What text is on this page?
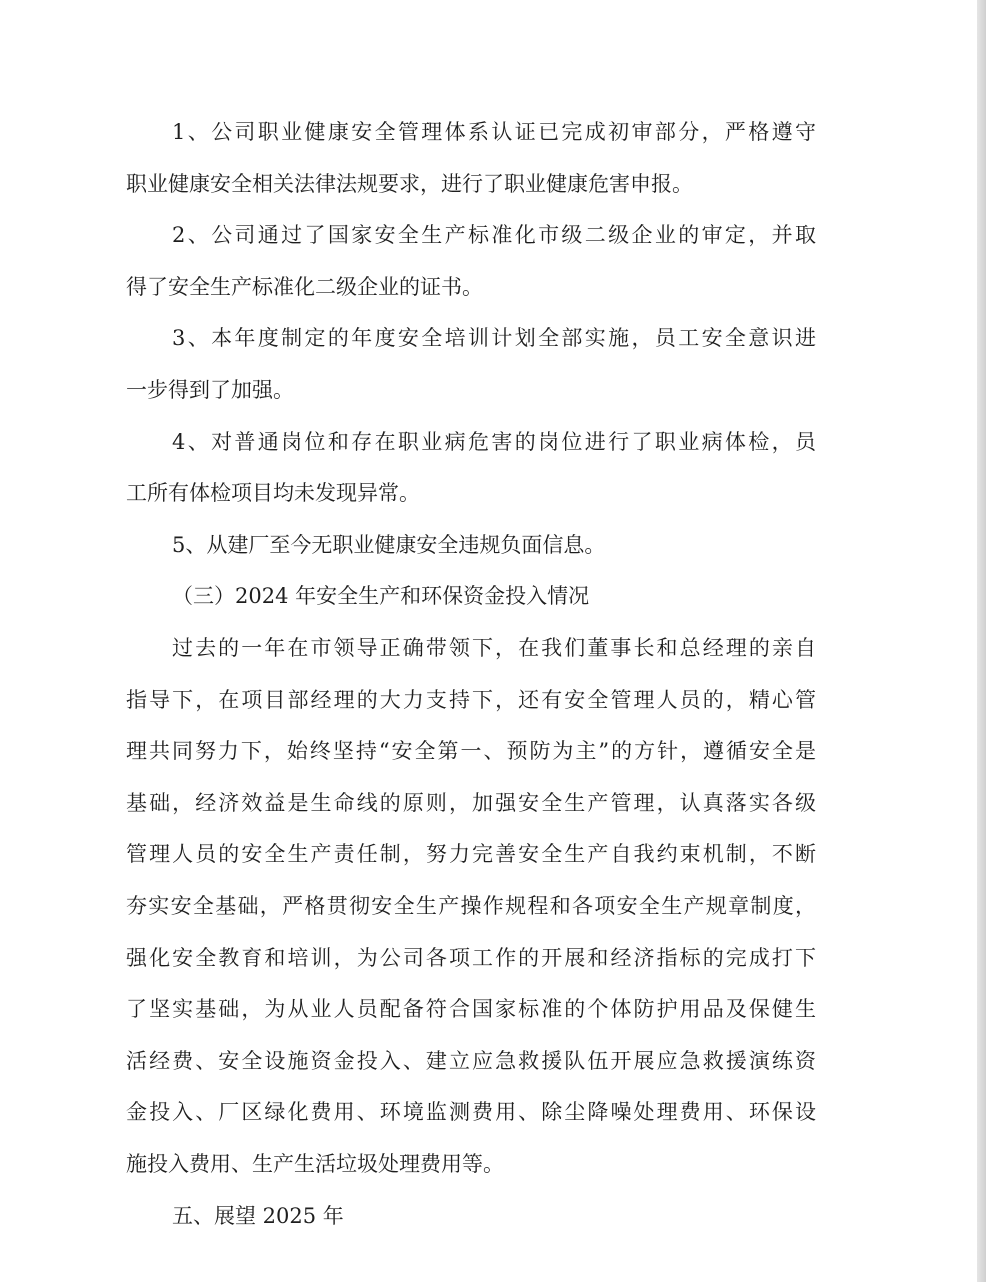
1、公司职业健康安全管理体系认证已完成初审部分，严格遵守
职业健康安全相关法律法规要求，进行了职业健康危害申报。
2、公司通过了国家安全生产标准化市级二级企业的审定，并取
得了安全生产标准化二级企业的证书。
3、本年度制定的年度安全培训计划全部实施，员工安全意识进
一步得到了加强。
4、对普通岗位和存在职业病危害的岗位进行了职业病体检，员
工所有体检项目均未发现异常。
5、从建厂至今无职业健康安全违规负面信息。
（三）2024 年安全生产和环保资金投入情况
过去的一年在市领导正确带领下，在我们董事长和总经理的亲自
指导下，在项目部经理的大力支持下，还有安全管理人员的，精心管
理共同努力下，始终坚持“安全第一、预防为主”的方针，遵循安全是
基础，经济效益是生命线的原则，加强安全生产管理，认真落实各级
管理人员的安全生产责任制，努力完善安全生产自我约束机制，不断
夯实安全基础，严格贯彻安全生产操作规程和各项安全生产规章制度，
强化安全教育和培训，为公司各项工作的开展和经济指标的完成打下
了坚实基础，为从业人员配备符合国家标准的个体防护用品及保健生
活经费、安全设施资金投入、建立应急救援队伍开展应急救援演练资
金投入、厂区绿化费用、环境监测费用、除尘降噪处理费用、环保设
施投入费用、生产生活垃圾处理费用等。
五、展望 2025 年
